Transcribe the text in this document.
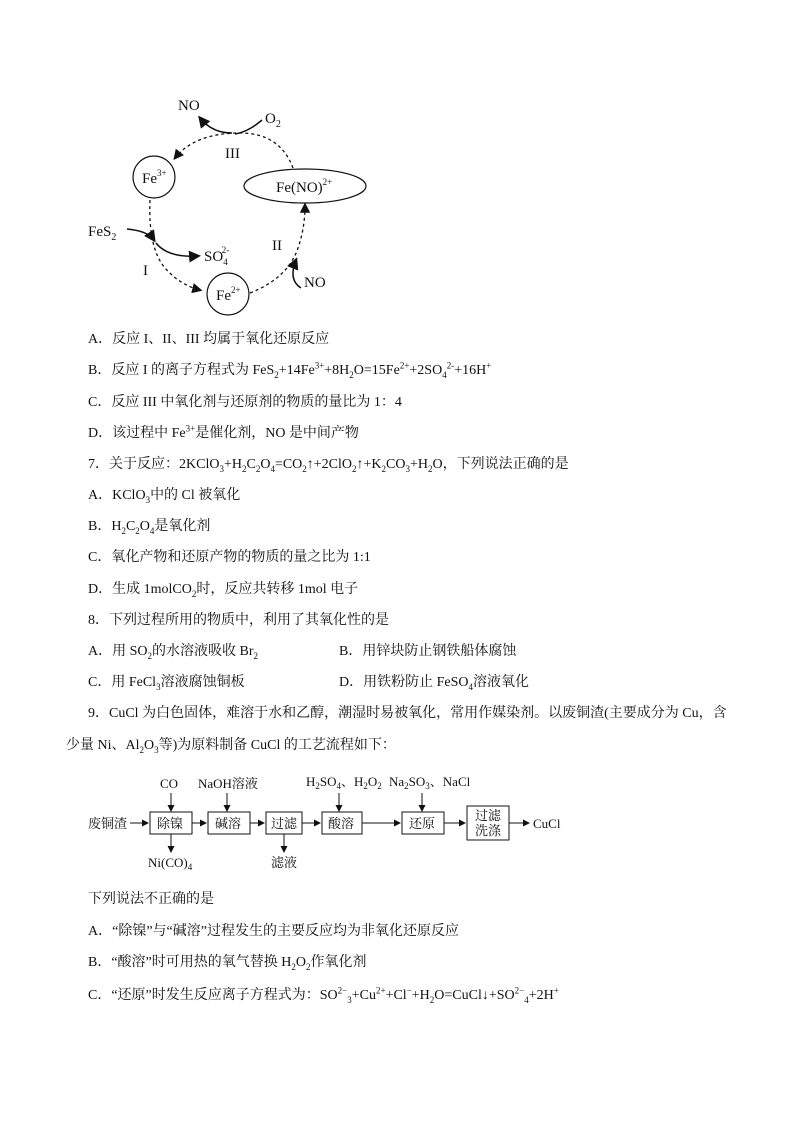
NO
$O_2$
III
$Fe^{3+}$
Fe(NO)$^{2+}$
FeS$_2$
I
$SO_42-$
$Fe^{2+}$
II
NO
A．反应 I、II、III 均属于氧化还原反应
B．反应 I 的离子方程式为 $FeS_2+14Fe^{3+}+8H_2O=15Fe^{2+}+2SO_4^{2-}+16H^+$
C．反应 III 中氧化剂与还原剂的物质的量比为 1：4
D．该过程中 $Fe^{3+}$是催化剂，NO 是中间产物
7．关于反应：$2KClO_3+H_2C_2O_4=CO_2↑+2ClO_2↑+K_2CO_3+H_2O$，下列说法正确的是
A．KClO$_3$中的 Cl 被氧化
B．$H_2C_2O_4$是氧化剂
C．氧化产物和还原产物的物质的量之比为 1:1
D．生成 1molCO$_2$时，反应共转移 1mol 电子
8．下列过程所用的物质中，利用了其氧化性的是
A．用 $SO_2$的水溶液吸收 $Br_2$	B．用锌块防止钢铁船体腐蚀
C．用 FeCl$_3$溶液腐蚀铜板	D．用铁粉防止 FeSO$_4$溶液氧化
9．CuCl 为白色固体，难溶于水和乙醇，潮湿时易被氧化，常用作媒染剂。以废铜渣(主要成分为 Cu，含
少量 Ni、$Al_2O_3$等)为原料制备 CuCl 的工艺流程如下：
CO NaOH溶液	$H_2SO_4$、$H_2O_2$ $Na_2SO_3$、NaCl
废铜渣 除镍 碱溶 过滤 酸溶	还原
过滤
洗涤 CuCl
$Ni(CO)_4$	滤液
下列说法不正确的是
A．“除镍”与“碱溶”过程发生的主要反应均为非氧化还原反应
B．“酸溶”时可用热的氧气替换 $H_2O_2$作氧化剂
C．“还原”时发生反应离子方程式为：$SO^{2-}_3+Cu^{2+}+Cl^-+H_2O=CuCl↓+SO^{2-}_4+2H^+$
